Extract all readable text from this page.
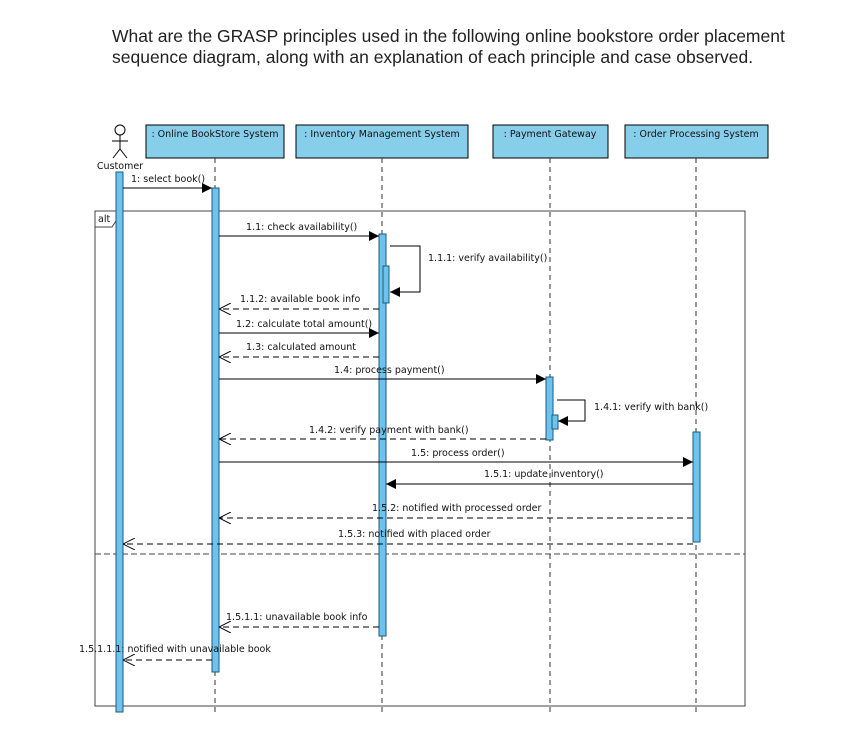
What are the GRASP principles used in the following online bookstore order placement sequence diagram, along with an explanation of each principle and case observed.
alt
Customer
: Online BookStore System	: Inventory Management System	: Payment Gateway	: Order Processing System
1: select book()
1.1: check availability()
1.1.1: verify availability()
1.1.2: available book info
1.2: calculate total amount()
1.3: calculated amount
1.4: process payment()
1.4.1: verify with bank()
1.4.2: verify payment with bank()
1.5: process order()
1.5.1: update inventory()
1.5.2: notified with processed order
1.5.3: notified with placed order
1.5.1.1: unavailable book info
1.5.1.1.1: notified with unavailable book
